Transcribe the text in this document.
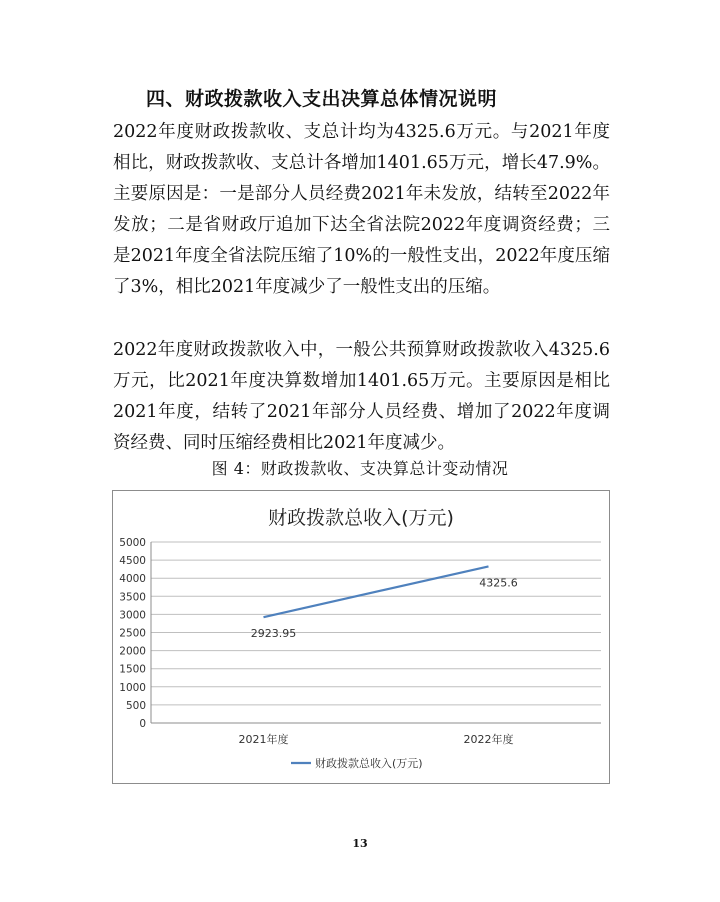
四、财政拨款收入支出决算总体情况说明
2022年度财政拨款收、支总计均为4325.6万元。与2021年度相比，财政拨款收、支总计各增加1401.65万元，增长47.9%。主要原因是：一是部分人员经费2021年未发放，结转至2022年发放；二是省财政厅追加下达全省法院2022年度调资经费；三是2021年度全省法院压缩了10%的一般性支出，2022年度压缩了3%，相比2021年度减少了一般性支出的压缩。
2022年度财政拨款收入中，一般公共预算财政拨款收入4325.6万元，比2021年度决算数增加1401.65万元。主要原因是相比2021年度，结转了2021年部分人员经费、增加了2022年度调资经费、同时压缩经费相比2021年度减少。
图 4：财政拨款收、支决算总计变动情况
财政拨款总收入(万元)
0
500
1000
1500
2000
2500
3000
3500
4000
4500
5000
2021年度	2022年度
2923.95
4325.6
财政拨款总收入(万元)
13
